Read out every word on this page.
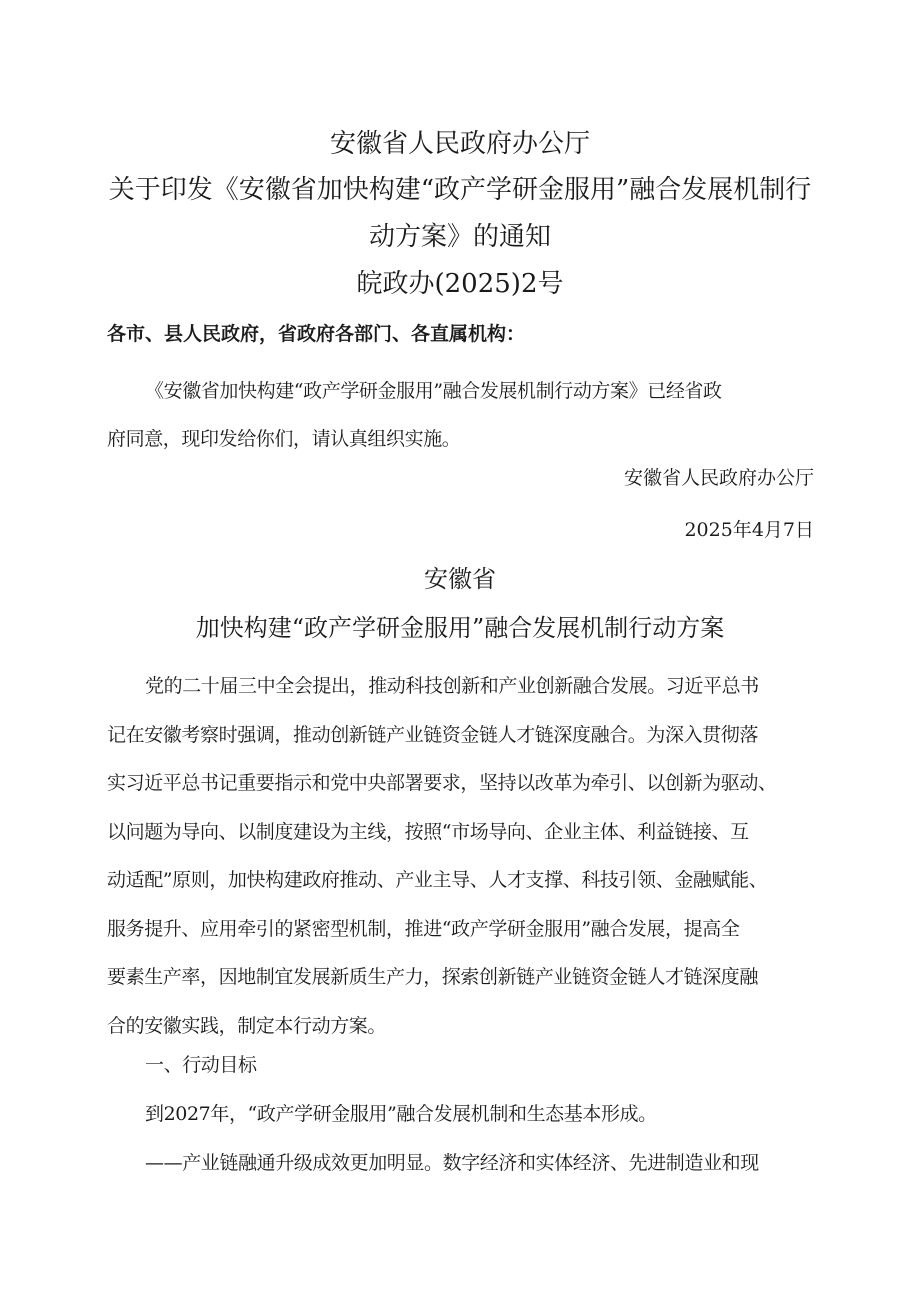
安徽省人民政府办公厅
关于印发《安徽省加快构建“政产学研金服用”融合发展机制行
动方案》的通知
皖政办(2025)2号
各市、县人民政府，省政府各部门、各直属机构：
《安徽省加快构建“政产学研金服用”融合发展机制行动方案》已经省政
府同意，现印发给你们，请认真组织实施。
安徽省人民政府办公厅
2025年4月7日
安徽省
加快构建“政产学研金服用”融合发展机制行动方案
党的二十届三中全会提出，推动科技创新和产业创新融合发展。习近平总书
记在安徽考察时强调，推动创新链产业链资金链人才链深度融合。为深入贯彻落
实习近平总书记重要指示和党中央部署要求，坚持以改革为牵引、以创新为驱动、
以问题为导向、以制度建设为主线，按照“市场导向、企业主体、利益链接、互
动适配”原则，加快构建政府推动、产业主导、人才支撑、科技引领、金融赋能、
服务提升、应用牵引的紧密型机制，推进“政产学研金服用”融合发展，提高全
要素生产率，因地制宜发展新质生产力，探索创新链产业链资金链人才链深度融
合的安徽实践，制定本行动方案。
一、行动目标
到2027年，“政产学研金服用”融合发展机制和生态基本形成。
——产业链融通升级成效更加明显。数字经济和实体经济、先进制造业和现
